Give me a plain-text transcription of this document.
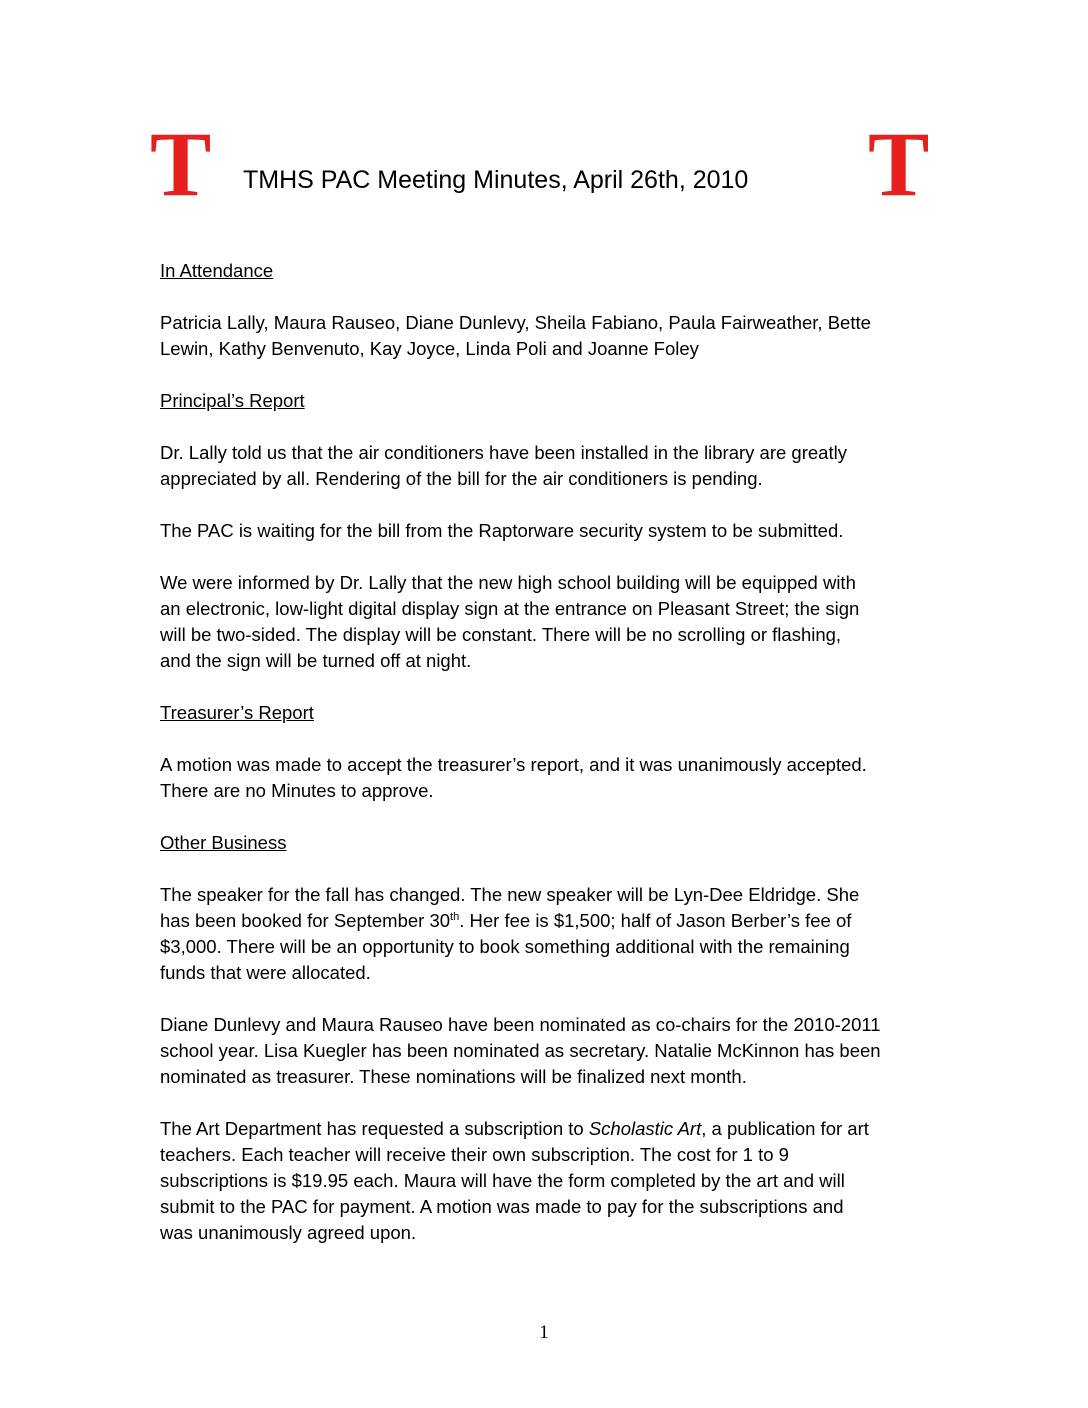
T TMHS PAC Meeting Minutes, April 26th, 2010 T

In Attendance

Patricia Lally, Maura Rauseo, Diane Dunlevy, Sheila Fabiano, Paula Fairweather, Bette
Lewin, Kathy Benvenuto, Kay Joyce, Linda Poli and Joanne Foley

Principal’s Report

Dr. Lally told us that the air conditioners have been installed in the library are greatly
appreciated by all. Rendering of the bill for the air conditioners is pending.

The PAC is waiting for the bill from the Raptorware security system to be submitted.

We were informed by Dr. Lally that the new high school building will be equipped with
an electronic, low-light digital display sign at the entrance on Pleasant Street; the sign
will be two-sided. The display will be constant. There will be no scrolling or flashing,
and the sign will be turned off at night.

Treasurer’s Report

A motion was made to accept the treasurer’s report, and it was unanimously accepted.
There are no Minutes to approve.

Other Business

The speaker for the fall has changed. The new speaker will be Lyn-Dee Eldridge. She
has been booked for September 30th. Her fee is $1,500; half of Jason Berber’s fee of
$3,000. There will be an opportunity to book something additional with the remaining
funds that were allocated.

Diane Dunlevy and Maura Rauseo have been nominated as co-chairs for the 2010-2011
school year. Lisa Kuegler has been nominated as secretary. Natalie McKinnon has been
nominated as treasurer. These nominations will be finalized next month.

The Art Department has requested a subscription to Scholastic Art, a publication for art
teachers. Each teacher will receive their own subscription. The cost for 1 to 9
subscriptions is $19.95 each. Maura will have the form completed by the art and will
submit to the PAC for payment. A motion was made to pay for the subscriptions and
was unanimously agreed upon.

1
